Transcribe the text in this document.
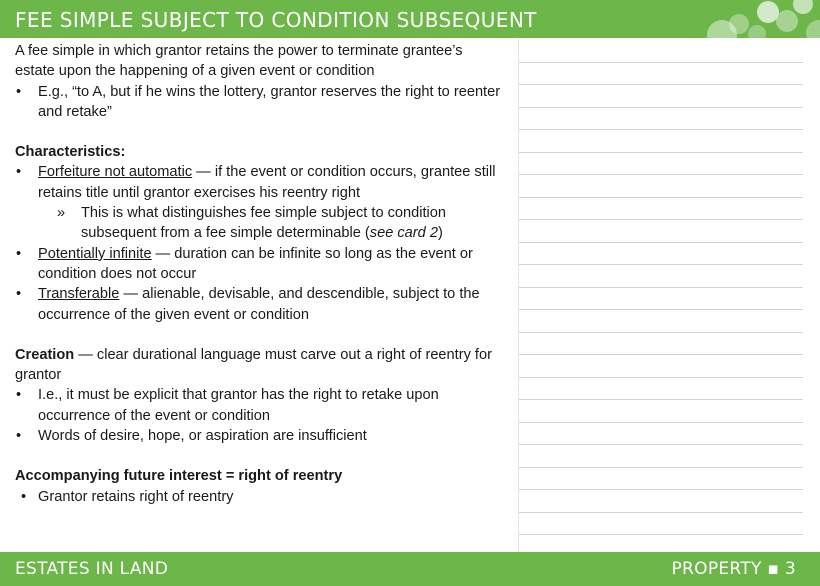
FEE SIMPLE SUBJECT TO CONDITION SUBSEQUENT

A fee simple in which grantor retains the power to terminate grantee’s estate upon the happening of a given event or condition

• E.g., “to A, but if he wins the lottery, grantor reserves the right to reenter and retake”

Characteristics:

• Forfeiture not automatic — if the event or condition occurs, grantee still retains title until grantor exercises his reentry right
» This is what distinguishes fee simple subject to condition subsequent from a fee simple determinable (see card 2)
• Potentially infinite — duration can be infinite so long as the event or condition does not occur
• Transferable — alienable, devisable, and descendible, subject to the occurrence of the given event or condition

Creation — clear durational language must carve out a right of reentry for grantor

• I.e., it must be explicit that grantor has the right to retake upon occurrence of the event or condition
• Words of desire, hope, or aspiration are insufficient

Accompanying future interest = right of reentry

• Grantor retains right of reentry
ESTATES IN LAND	PROPERTY ▪ 3
